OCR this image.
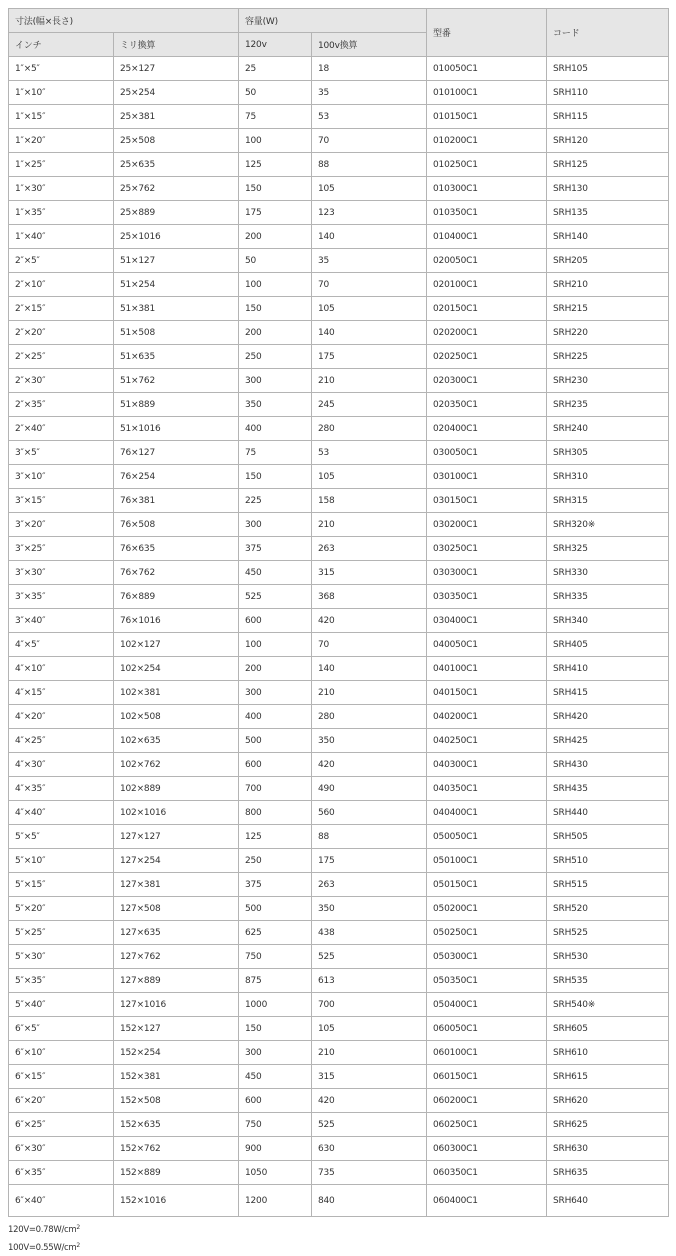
寸法(幅×長さ)		容量(W)		型番	コード
インチ	ミリ換算	120v	100v換算		
1″×5″	25×127	25	18	010050C1	SRH105
1″×10″	25×254	50	35	010100C1	SRH110
1″×15″	25×381	75	53	010150C1	SRH115
1″×20″	25×508	100	70	010200C1	SRH120
1″×25″	25×635	125	88	010250C1	SRH125
1″×30″	25×762	150	105	010300C1	SRH130
1″×35″	25×889	175	123	010350C1	SRH135
1″×40″	25×1016	200	140	010400C1	SRH140
2″×5″	51×127	50	35	020050C1	SRH205
2″×10″	51×254	100	70	020100C1	SRH210
2″×15″	51×381	150	105	020150C1	SRH215
2″×20″	51×508	200	140	020200C1	SRH220
2″×25″	51×635	250	175	020250C1	SRH225
2″×30″	51×762	300	210	020300C1	SRH230
2″×35″	51×889	350	245	020350C1	SRH235
2″×40″	51×1016	400	280	020400C1	SRH240
3″×5″	76×127	75	53	030050C1	SRH305
3″×10″	76×254	150	105	030100C1	SRH310
3″×15″	76×381	225	158	030150C1	SRH315
3″×20″	76×508	300	210	030200C1	SRH320※
3″×25″	76×635	375	263	030250C1	SRH325
3″×30″	76×762	450	315	030300C1	SRH330
3″×35″	76×889	525	368	030350C1	SRH335
3″×40″	76×1016	600	420	030400C1	SRH340
4″×5″	102×127	100	70	040050C1	SRH405
4″×10″	102×254	200	140	040100C1	SRH410
4″×15″	102×381	300	210	040150C1	SRH415
4″×20″	102×508	400	280	040200C1	SRH420
4″×25″	102×635	500	350	040250C1	SRH425
4″×30″	102×762	600	420	040300C1	SRH430
4″×35″	102×889	700	490	040350C1	SRH435
4″×40″	102×1016	800	560	040400C1	SRH440
5″×5″	127×127	125	88	050050C1	SRH505
5″×10″	127×254	250	175	050100C1	SRH510
5″×15″	127×381	375	263	050150C1	SRH515
5″×20″	127×508	500	350	050200C1	SRH520
5″×25″	127×635	625	438	050250C1	SRH525
5″×30″	127×762	750	525	050300C1	SRH530
5″×35″	127×889	875	613	050350C1	SRH535
5″×40″	127×1016	1000	700	050400C1	SRH540※
6″×5″	152×127	150	105	060050C1	SRH605
6″×10″	152×254	300	210	060100C1	SRH610
6″×15″	152×381	450	315	060150C1	SRH615
6″×20″	152×508	600	420	060200C1	SRH620
6″×25″	152×635	750	525	060250C1	SRH625
6″×30″	152×762	900	630	060300C1	SRH630
6″×35″	152×889	1050	735	060350C1	SRH635
6″×40″	152×1016	1200	840	060400C1	SRH640
$120V=0.78W/cm^2$
$100V=0.55W/cm^2$
